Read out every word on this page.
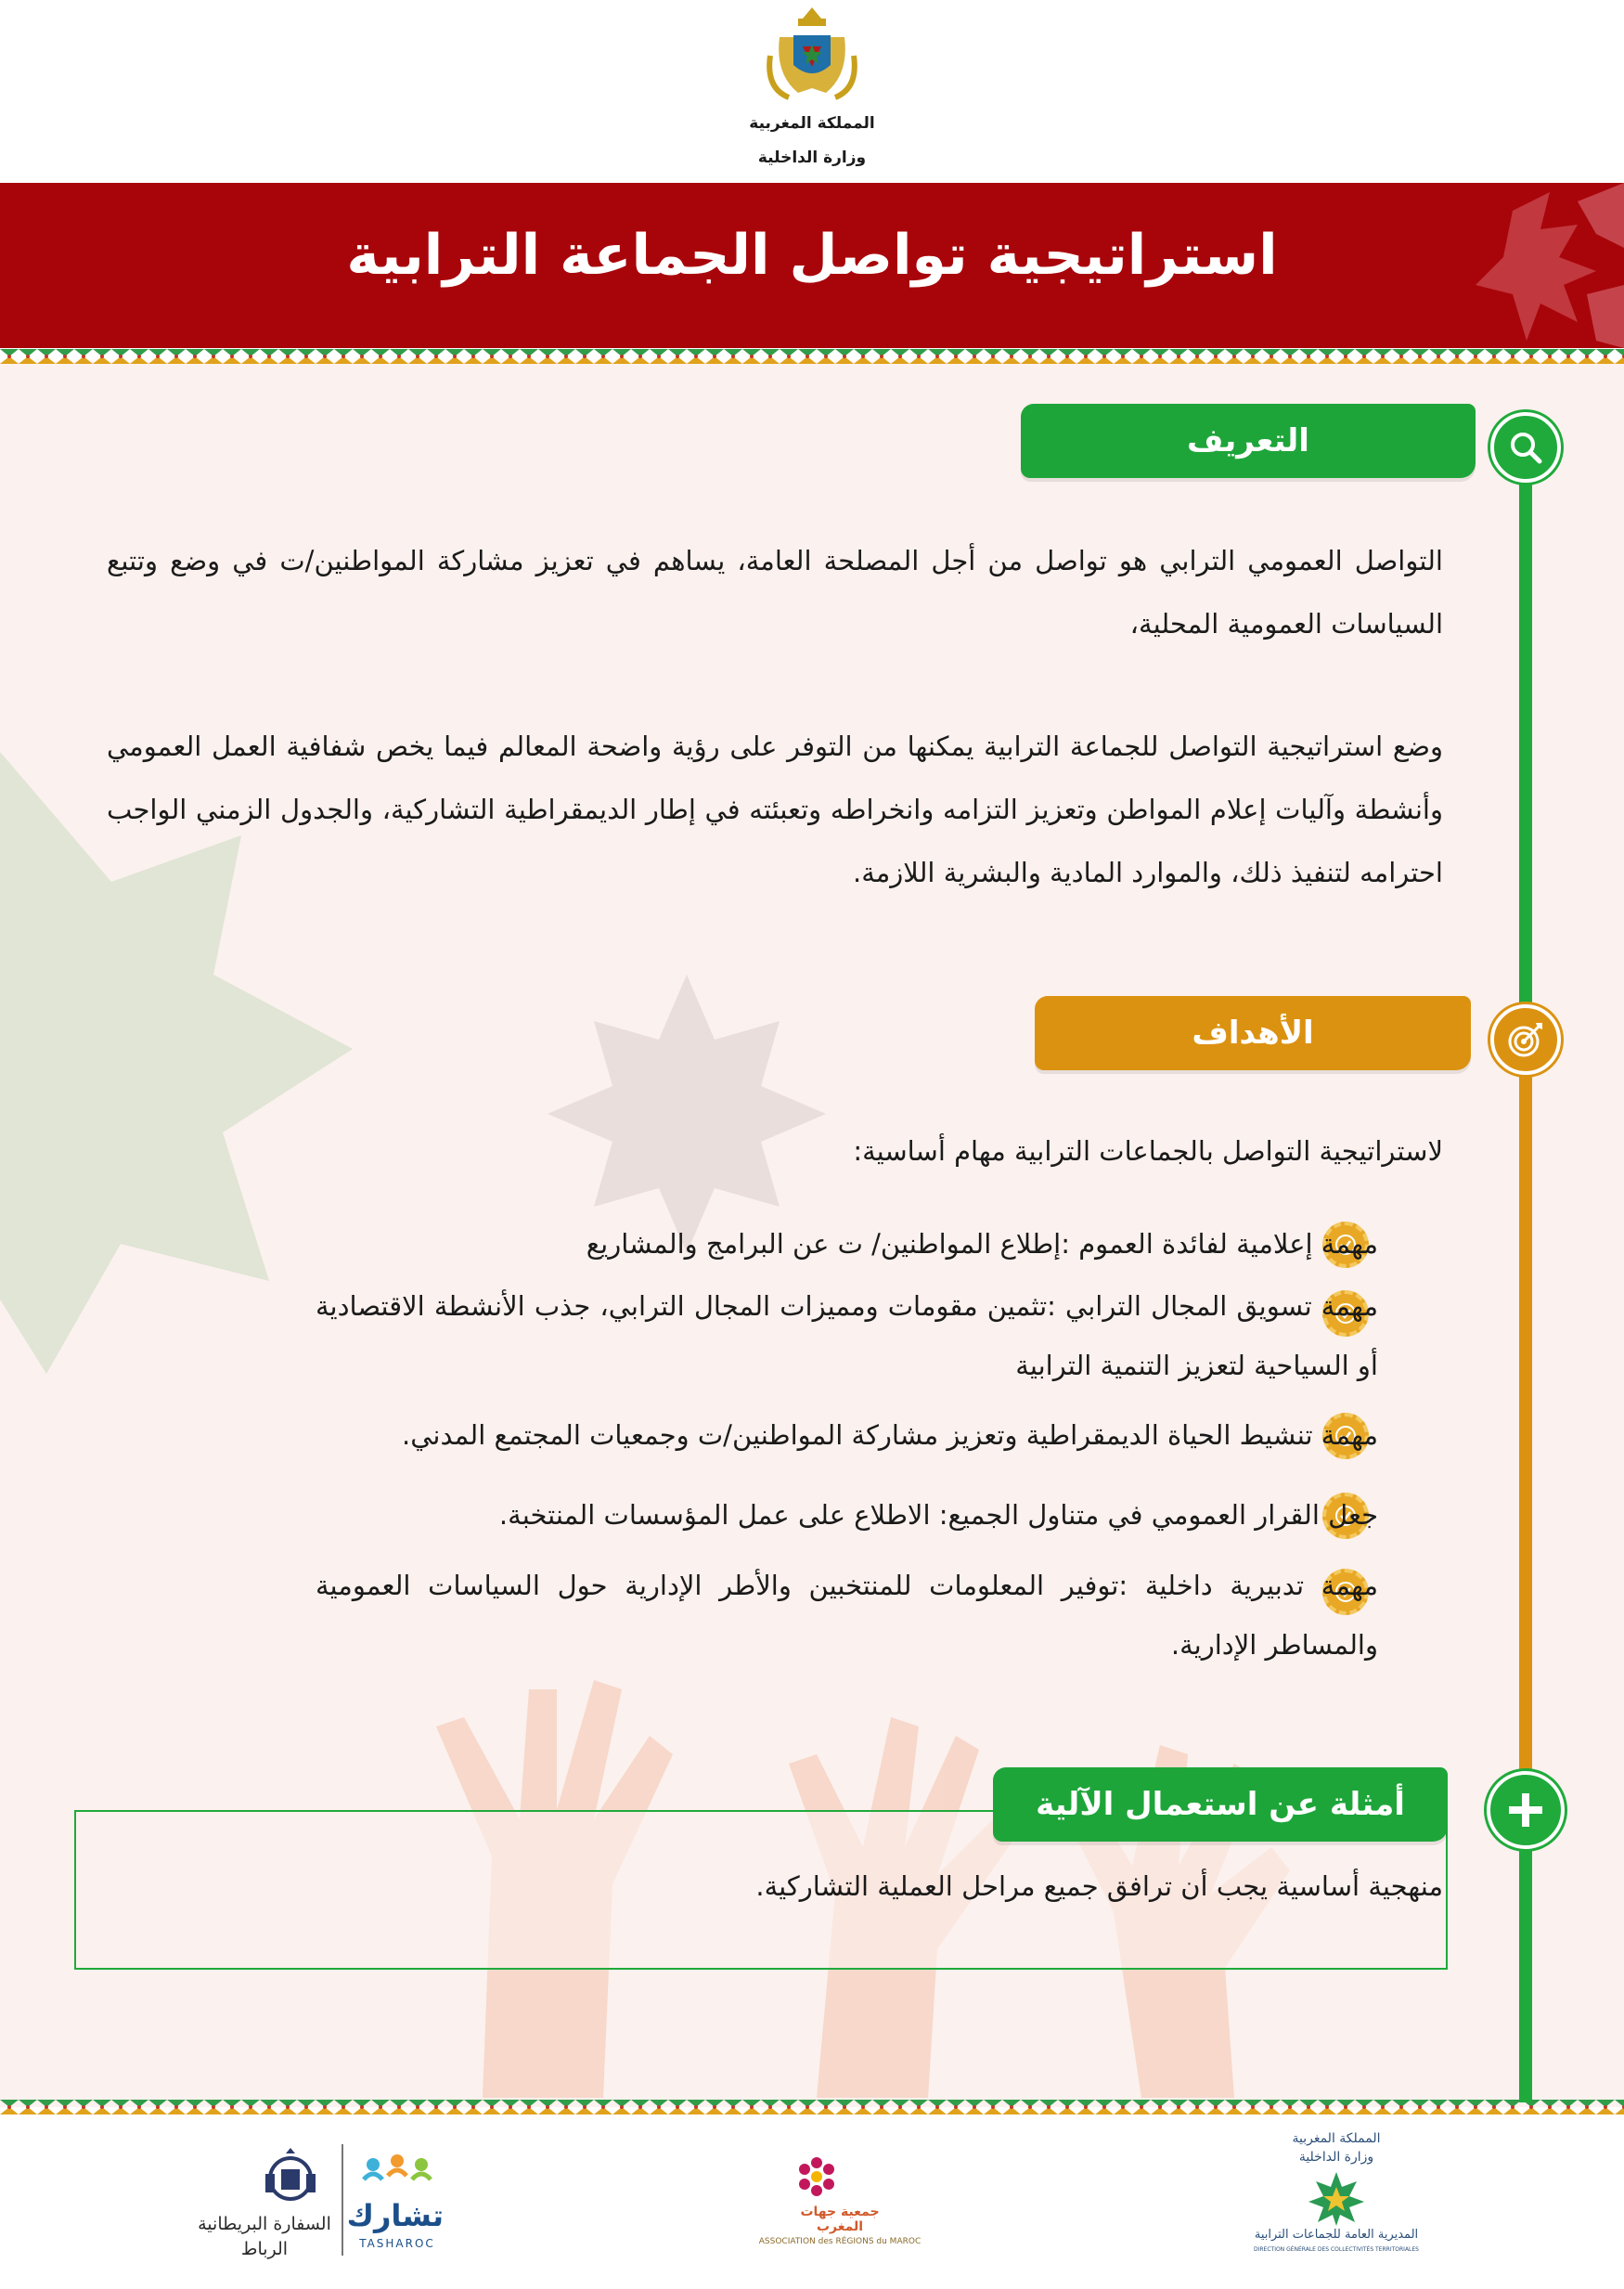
المملكة المغربية
وزارة الداخلية
استراتيجية تواصل الجماعة الترابية
التعريف
التواصل العمومي الترابي هو تواصل من أجل المصلحة العامة، يساهم في تعزيز مشاركة المواطنين/ت في وضع وتتبع السياسات العمومية المحلية،
وضع استراتيجية التواصل للجماعة الترابية يمكنها من التوفر على رؤية واضحة المعالم فيما يخص شفافية العمل العمومي وأنشطة وآليات إعلام المواطن وتعزيز التزامه وانخراطه وتعبئته في إطار الديمقراطية التشاركية، والجدول الزمني الواجب احترامه لتنفيذ ذلك، والموارد المادية والبشرية اللازمة.
الأهداف
لاستراتيجية التواصل بالجماعات الترابية مهام أساسية:
مهمة إعلامية لفائدة العموم :إطلاع المواطنين/ ت عن البرامج والمشاريع
مهمة تسويق المجال الترابي :تثمين مقومات ومميزات المجال الترابي، جذب الأنشطة الاقتصادية أو السياحية لتعزيز التنمية الترابية
مهمة تنشيط الحياة الديمقراطية وتعزيز مشاركة المواطنين/ت وجمعيات المجتمع المدني.
جعل القرار العمومي في متناول الجميع: الاطلاع على عمل المؤسسات المنتخبة.
مهمة تدبيرية داخلية :توفير المعلومات للمنتخبين والأطر الإدارية حول السياسات العمومية والمساطر الإدارية.
أمثلة عن استعمال الآلية
منهجية أساسية يجب أن ترافق جميع مراحل العملية التشاركية.
السفارة البريطانية
الرباط
تشارك
TASHAROC
جمعية جهات المغرب
ASSOCIATION des RÉGIONS du MAROC
المملكة المغربية
وزارة الداخلية
المديرية العامة للجماعات الترابية
DIRECTION GÉNÉRALE DES COLLECTIVITÉS TERRITORIALES
